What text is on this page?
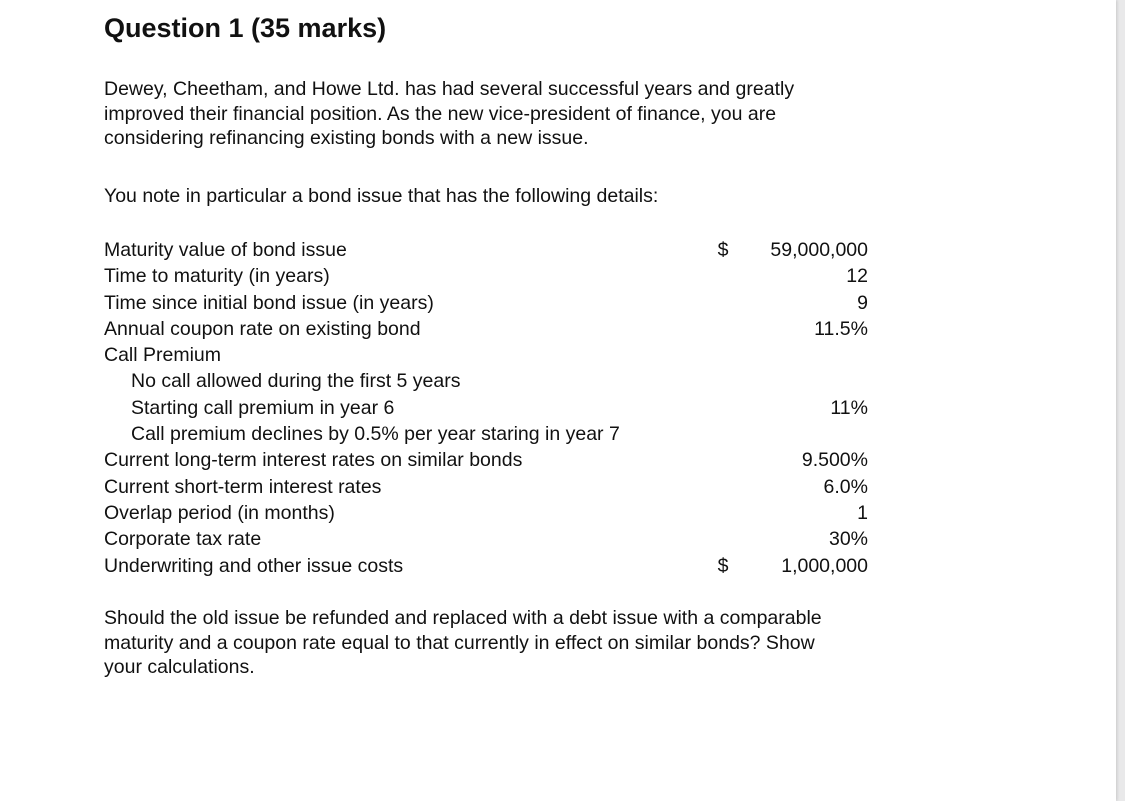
Question 1 (35 marks)

Dewey, Cheetham, and Howe Ltd. has had several successful years and greatly
improved their financial position. As the new vice-president of finance, you are
considering refinancing existing bonds with a new issue.

You note in particular a bond issue that has the following details:

Maturity value of bond issue	$	59,000,000
Time to maturity (in years)	12
Time since initial bond issue (in years)	9
Annual coupon rate on existing bond	11.5%
Call Premium
No call allowed during the first 5 years
Starting call premium in year 6	11%
Call premium declines by 0.5% per year staring in year 7
Current long-term interest rates on similar bonds	9.500%
Current short-term interest rates	6.0%
Overlap period (in months)	1
Corporate tax rate	30%
Underwriting and other issue costs	$	1,000,000

Should the old issue be refunded and replaced with a debt issue with a comparable
maturity and a coupon rate equal to that currently in effect on similar bonds? Show
your calculations.
